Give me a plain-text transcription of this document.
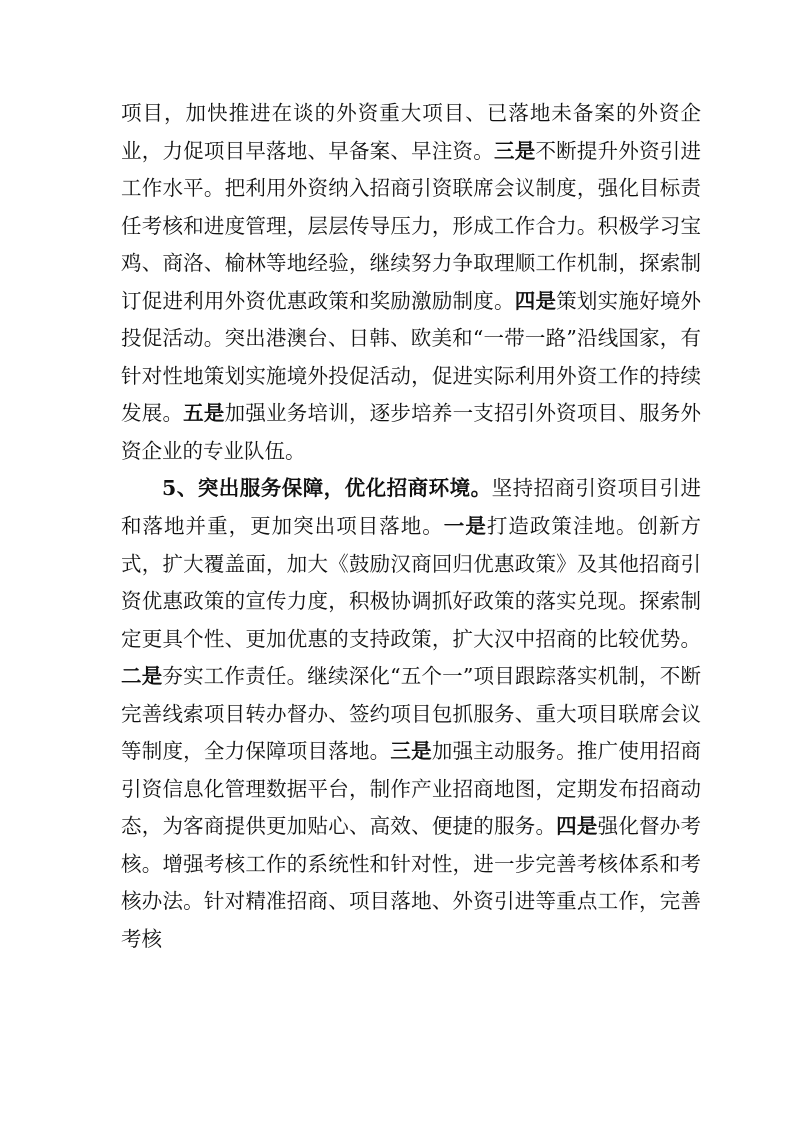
项目，加快推进在谈的外资重大项目、已落地未备案的外资企业，力促项目早落地、早备案、早注资。三是不断提升外资引进工作水平。把利用外资纳入招商引资联席会议制度，强化目标责任考核和进度管理，层层传导压力，形成工作合力。积极学习宝鸡、商洛、榆林等地经验，继续努力争取理顺工作机制，探索制订促进利用外资优惠政策和奖励激励制度。四是策划实施好境外投促活动。突出港澳台、日韩、欧美和“一带一路”沿线国家，有针对性地策划实施境外投促活动，促进实际利用外资工作的持续发展。五是加强业务培训，逐步培养一支招引外资项目、服务外资企业的专业队伍。

5、突出服务保障，优化招商环境。坚持招商引资项目引进和落地并重，更加突出项目落地。一是打造政策洼地。创新方式，扩大覆盖面，加大《鼓励汉商回归优惠政策》及其他招商引资优惠政策的宣传力度，积极协调抓好政策的落实兑现。探索制定更具个性、更加优惠的支持政策，扩大汉中招商的比较优势。二是夯实工作责任。继续深化“五个一”项目跟踪落实机制，不断完善线索项目转办督办、签约项目包抓服务、重大项目联席会议等制度，全力保障项目落地。三是加强主动服务。推广使用招商引资信息化管理数据平台，制作产业招商地图，定期发布招商动态，为客商提供更加贴心、高效、便捷的服务。四是强化督办考核。增强考核工作的系统性和针对性，进一步完善考核体系和考核办法。针对精准招商、项目落地、外资引进等重点工作，完善考核
